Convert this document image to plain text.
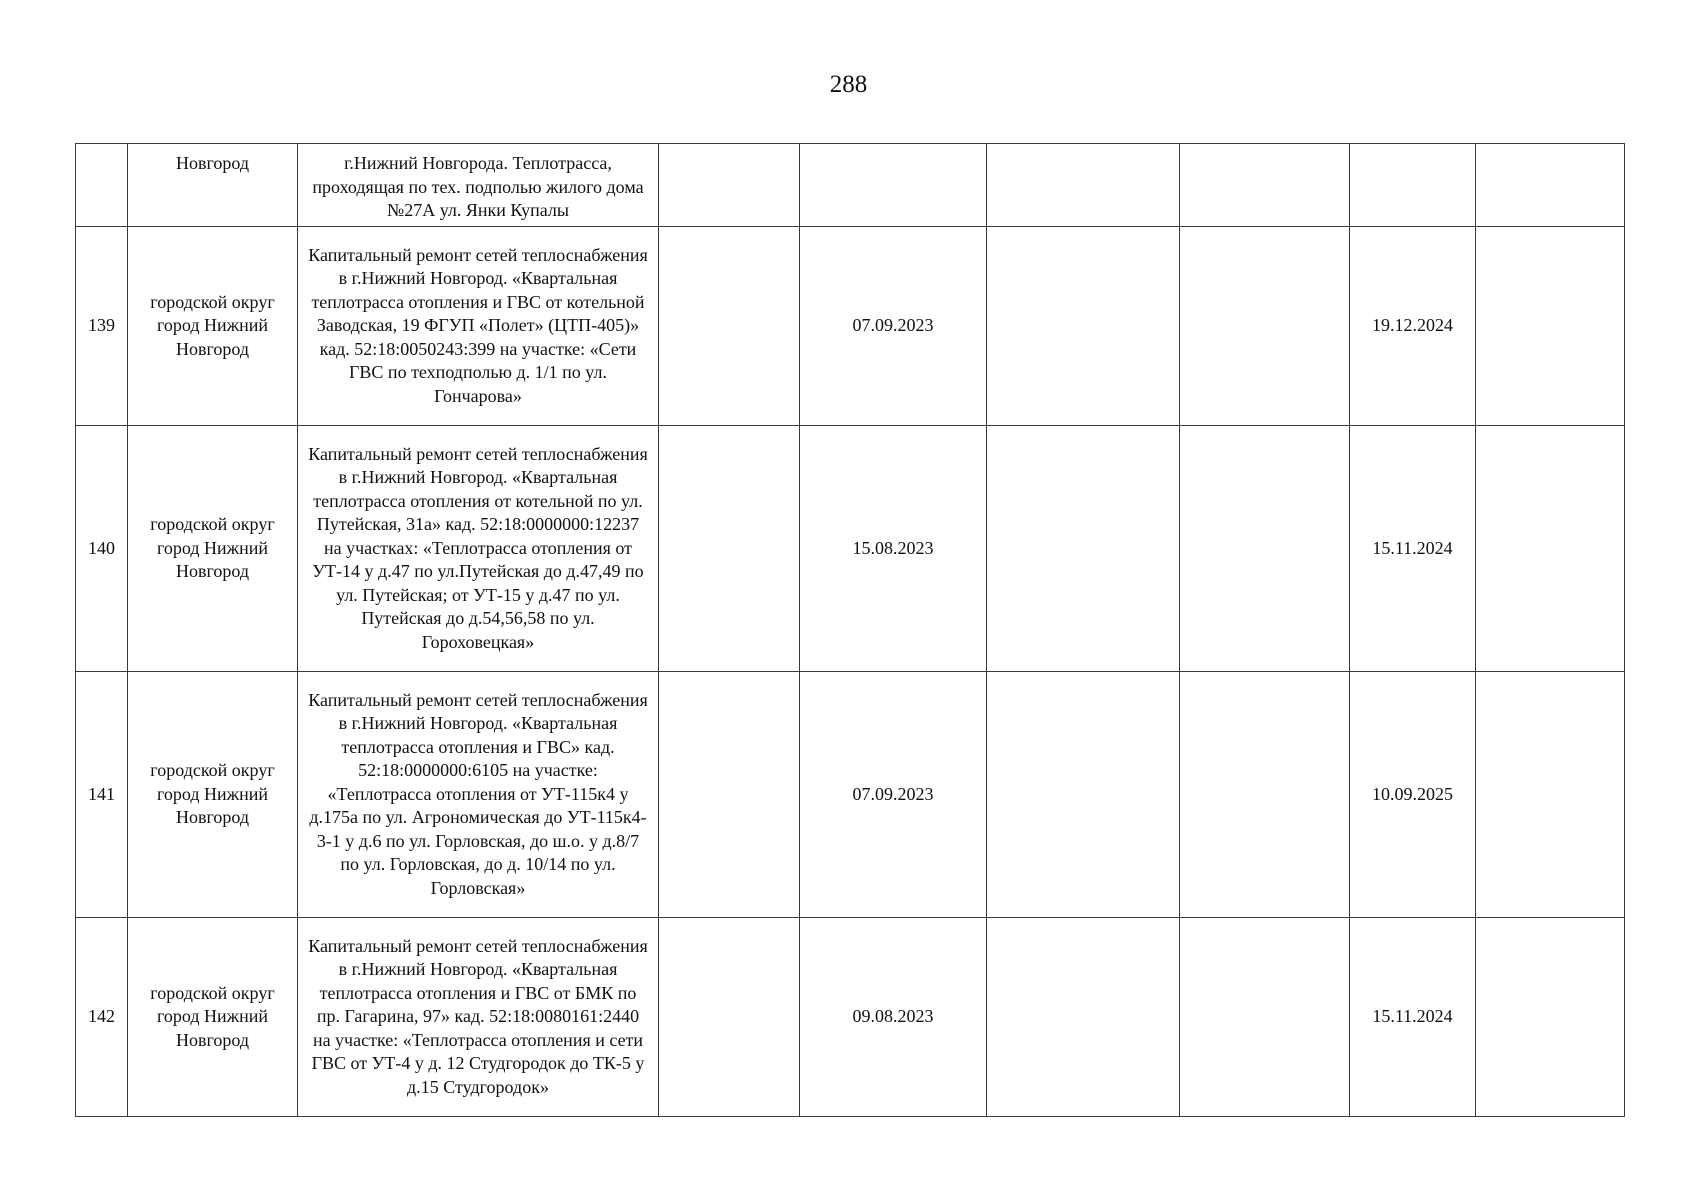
288
	Новгород	г.Нижний Новгорода. Теплотрасса, проходящая по тех. подполью жилого дома №27А ул. Янки Купалы						
139	городской округ город Нижний Новгород	Капитальный ремонт сетей теплоснабжения в г.Нижний Новгород. «Квартальная теплотрасса отопления и ГВС от котельной Заводская, 19 ФГУП «Полет» (ЦТП-405)» кад. 52:18:0050243:399 на участке: «Сети ГВС по техподполью д. 1/1 по ул. Гончарова»		07.09.2023			19.12.2024	
140	городской округ город Нижний Новгород	Капитальный ремонт сетей теплоснабжения в г.Нижний Новгород. «Квартальная теплотрасса отопления от котельной по ул. Путейская, 31а» кад. 52:18:0000000:12237 на участках: «Теплотрасса отопления от УТ-14 у д.47 по ул.Путейская до д.47,49 по ул. Путейская; от УТ-15 у д.47 по ул. Путейская до д.54,56,58 по ул. Гороховецкая»		15.08.2023			15.11.2024	
141	городской округ город Нижний Новгород	Капитальный ремонт сетей теплоснабжения в г.Нижний Новгород. «Квартальная теплотрасса отопления и ГВС» кад. 52:18:0000000:6105 на участке: «Теплотрасса отопления от УТ-115к4 у д.175а по ул. Агрономическая до УТ-115к4-3-1 у д.6 по ул. Горловская, до ш.о. у д.8/7 по ул. Горловская, до д. 10/14 по ул. Горловская»		07.09.2023			10.09.2025	
142	городской округ город Нижний Новгород	Капитальный ремонт сетей теплоснабжения в г.Нижний Новгород. «Квартальная теплотрасса отопления и ГВС от БМК по пр. Гагарина, 97» кад. 52:18:0080161:2440 на участке: «Теплотрасса отопления и сети ГВС от УТ-4 у д. 12 Студгородок до ТК-5 у д.15 Студгородок»		09.08.2023			15.11.2024	
